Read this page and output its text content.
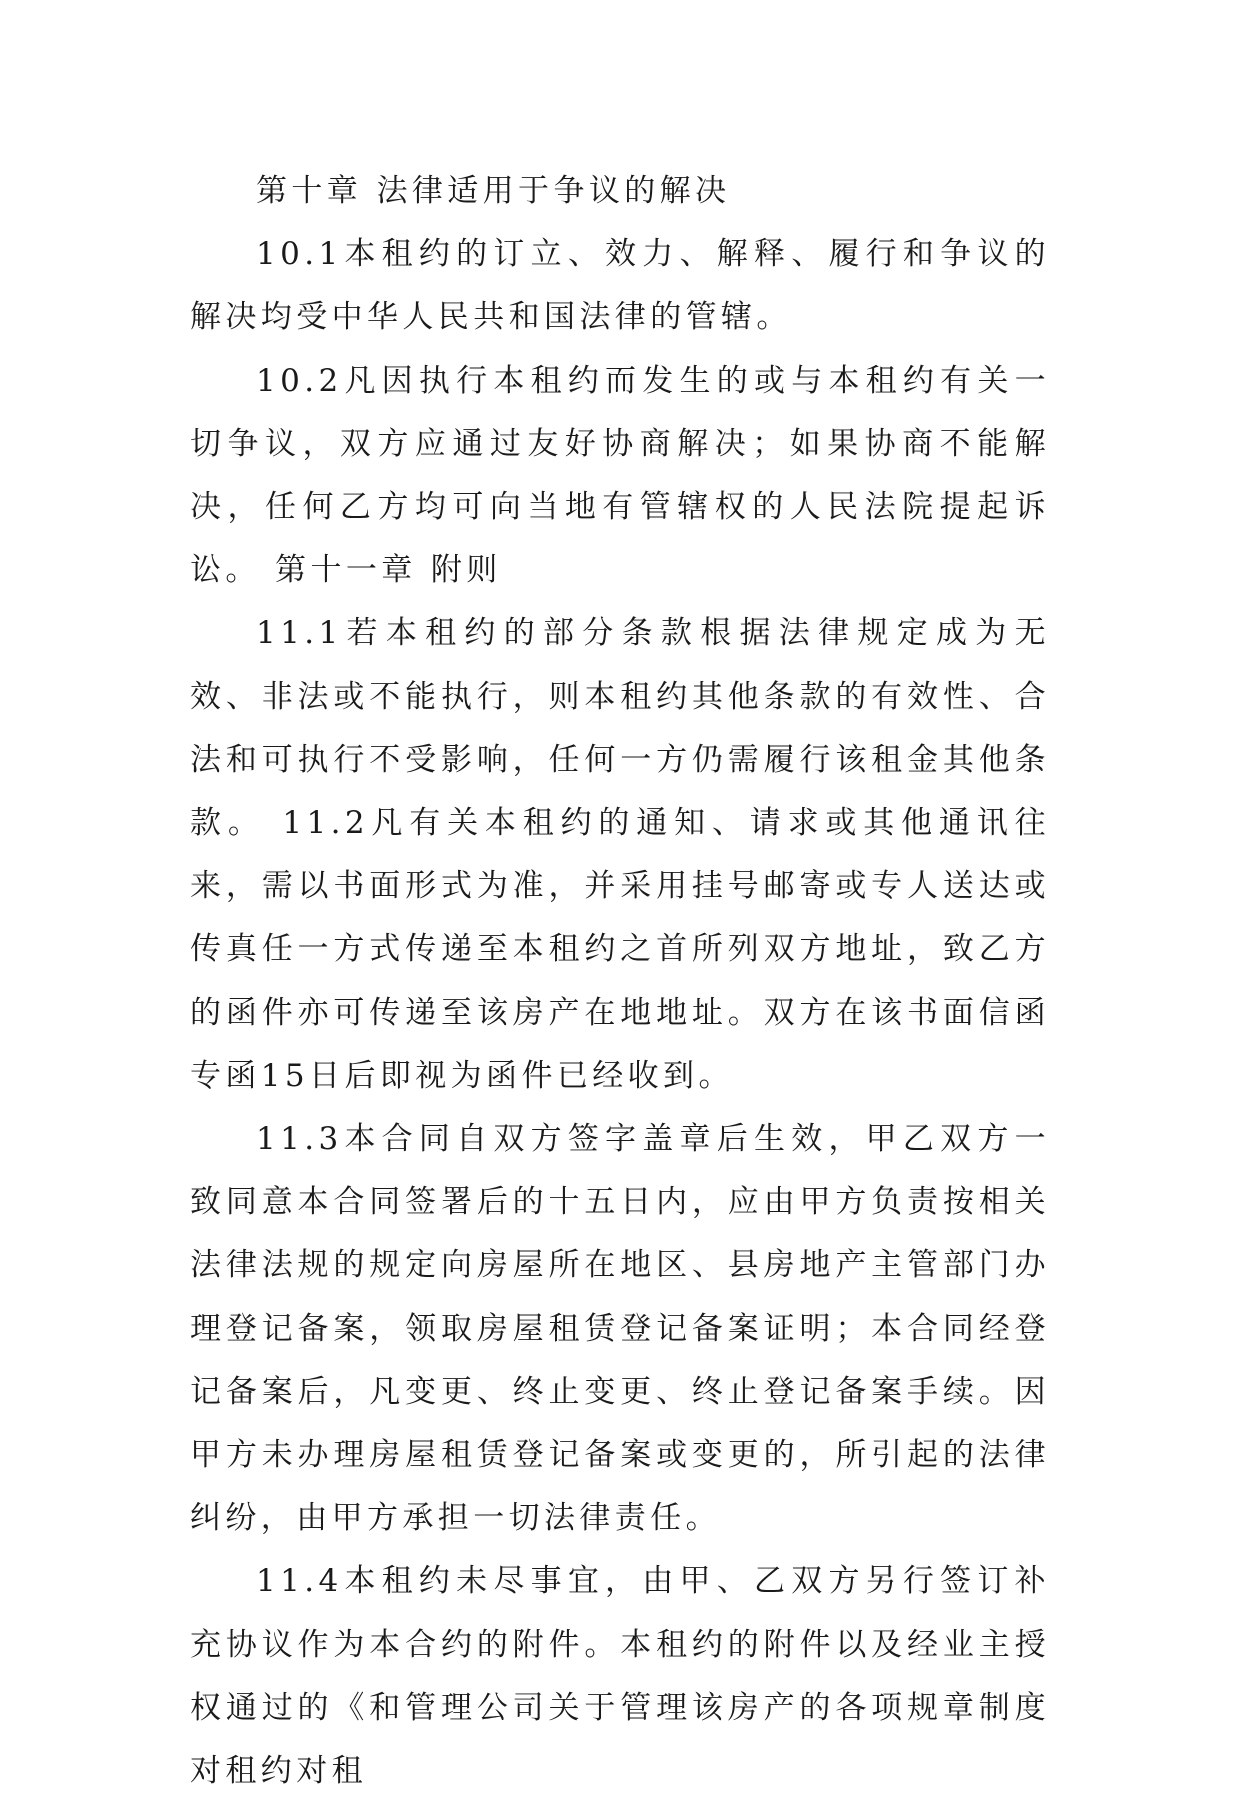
第十章 法律适用于争议的解决

10.1本租约的订立、效力、解释、履行和争议的解决均受中华人民共和国法律的管辖。

10.2凡因执行本租约而发生的或与本租约有关一切争议，双方应通过友好协商解决；如果协商不能解决，任何乙方均可向当地有管辖权的人民法院提起诉讼。 第十一章 附则

11.1若本租约的部分条款根据法律规定成为无效、非法或不能执行，则本租约其他条款的有效性、合法和可执行不受影响，任何一方仍需履行该租金其他条款。 11.2凡有关本租约的通知、请求或其他通讯往来，需以书面形式为准，并采用挂号邮寄或专人送达或传真任一方式传递至本租约之首所列双方地址，致乙方的函件亦可传递至该房产在地地址。双方在该书面信函专函15日后即视为函件已经收到。

11.3本合同自双方签字盖章后生效，甲乙双方一致同意本合同签署后的十五日内，应由甲方负责按相关法律法规的规定向房屋所在地区、县房地产主管部门办理登记备案，领取房屋租赁登记备案证明；本合同经登记备案后，凡变更、终止变更、终止登记备案手续。因甲方未办理房屋租赁登记备案或变更的，所引起的法律纠纷，由甲方承担一切法律责任。

11.4本租约未尽事宜，由甲、乙双方另行签订补充协议作为本合约的附件。本租约的附件以及经业主授权通过的《和管理公司关于管理该房产的各项规章制度对租约对租
